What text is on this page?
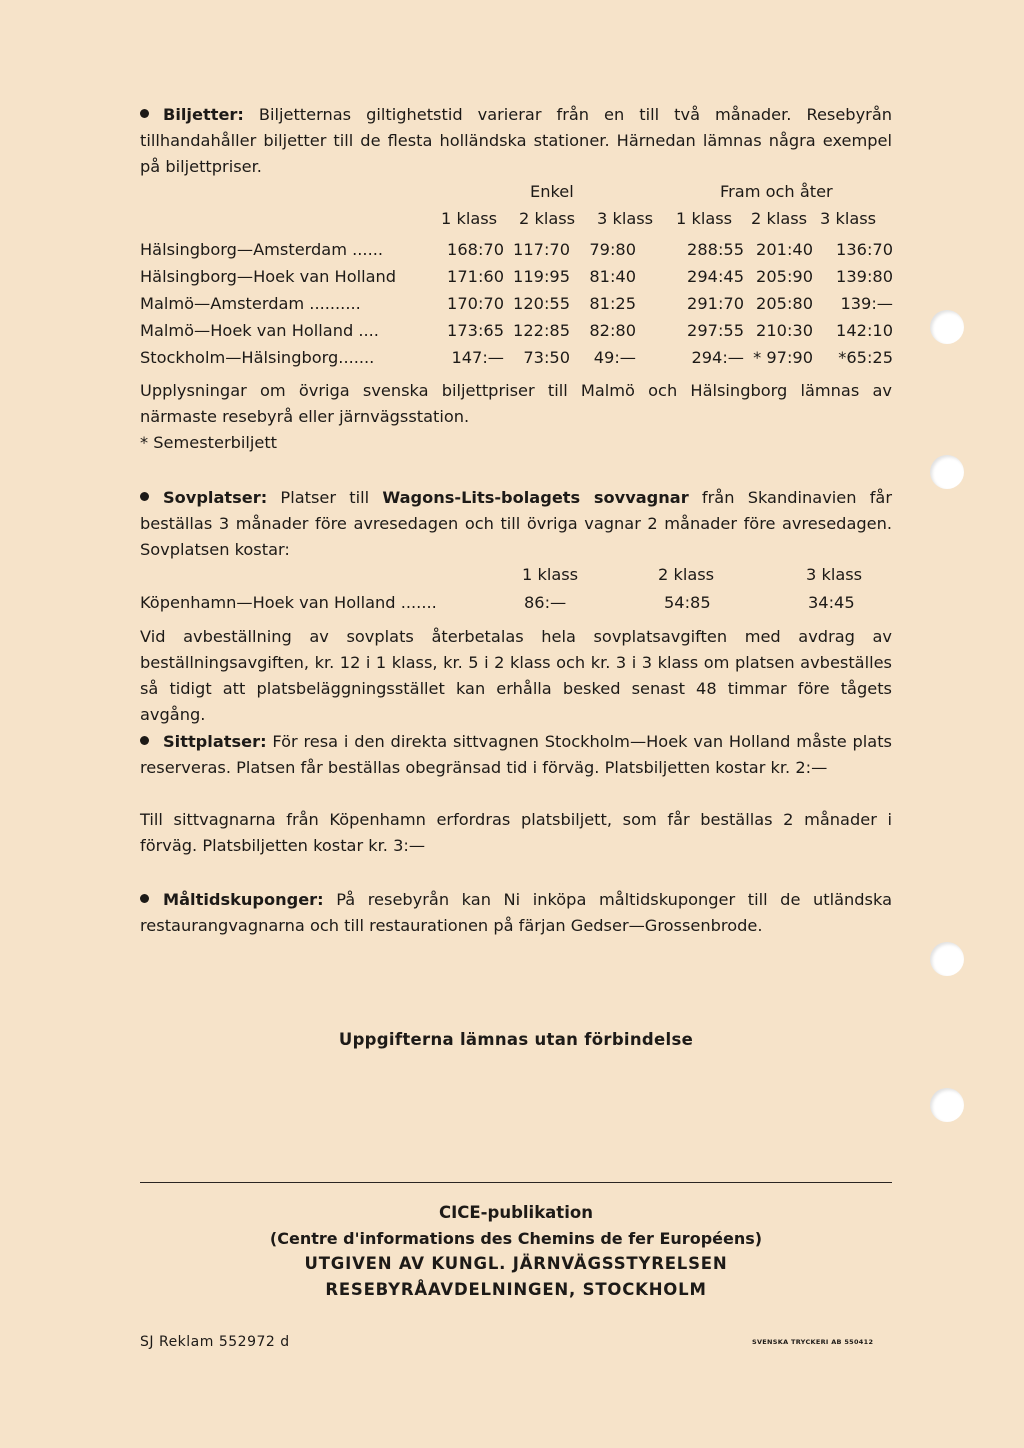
Biljetter: Biljetternas giltighetstid varierar från en till två månader. Resebyrån tillhandahåller biljetter till de flesta holländska stationer. Härnedan lämnas några exempel på biljettpriser.
Enkel	Fram och åter
1 klass 2 klass 3 klass 1 klass 2 klass 3 klass
Hälsingborg—Amsterdam ......	168:70 117:70	79:80	288:55 201:40	136:70
Hälsingborg—Hoek van Holland	171:60 119:95	81:40	294:45 205:90	139:80
Malmö—Amsterdam ..........	170:70 120:55	81:25	291:70 205:80	139:—
Malmö—Hoek van Holland ....	173:65 122:85	82:80	297:55 210:30	142:10
Stockholm—Hälsingborg.......	147:—	73:50	49:—	294:— * 97:90	*65:25
Upplysningar om övriga svenska biljettpriser till Malmö och Hälsingborg lämnas av närmaste resebyrå eller järnvägsstation.
* Semesterbiljett
Sovplatser: Platser till Wagons-Lits-bolagets sovvagnar från Skandinavien får beställas 3 månader före avresedagen och till övriga vagnar 2 månader före avresedagen. Sovplatsen kostar:
1 klass	2 klass	3 klass
Köpenhamn—Hoek van Holland .......	86:—	54:85	34:45
Vid avbeställning av sovplats återbetalas hela sovplatsavgiften med avdrag av beställningsavgiften, kr. 12 i 1 klass, kr. 5 i 2 klass och kr. 3 i 3 klass om platsen avbeställes så tidigt att platsbeläggningsstället kan erhålla besked senast 48 timmar före tågets avgång.
Sittplatser: För resa i den direkta sittvagnen Stockholm—Hoek van Holland måste plats reserveras. Platsen får beställas obegränsad tid i förväg. Platsbiljetten kostar kr. 2:—
Till sittvagnarna från Köpenhamn erfordras platsbiljett, som får beställas 2 månader i förväg. Platsbiljetten kostar kr. 3:—
Måltidskuponger: På resebyrån kan Ni inköpa måltidskuponger till de utländska restaurangvagnarna och till restaurationen på färjan Gedser—Grossenbrode.
Uppgifterna lämnas utan förbindelse
CICE-publikation
(Centre d'informations des Chemins de fer Européens)
UTGIVEN AV KUNGL. JÄRNVÄGSSTYRELSEN
RESEBYRÅAVDELNINGEN, STOCKHOLM
SJ Reklam 552972 d	SVENSKA TRYCKERI AB 550412
